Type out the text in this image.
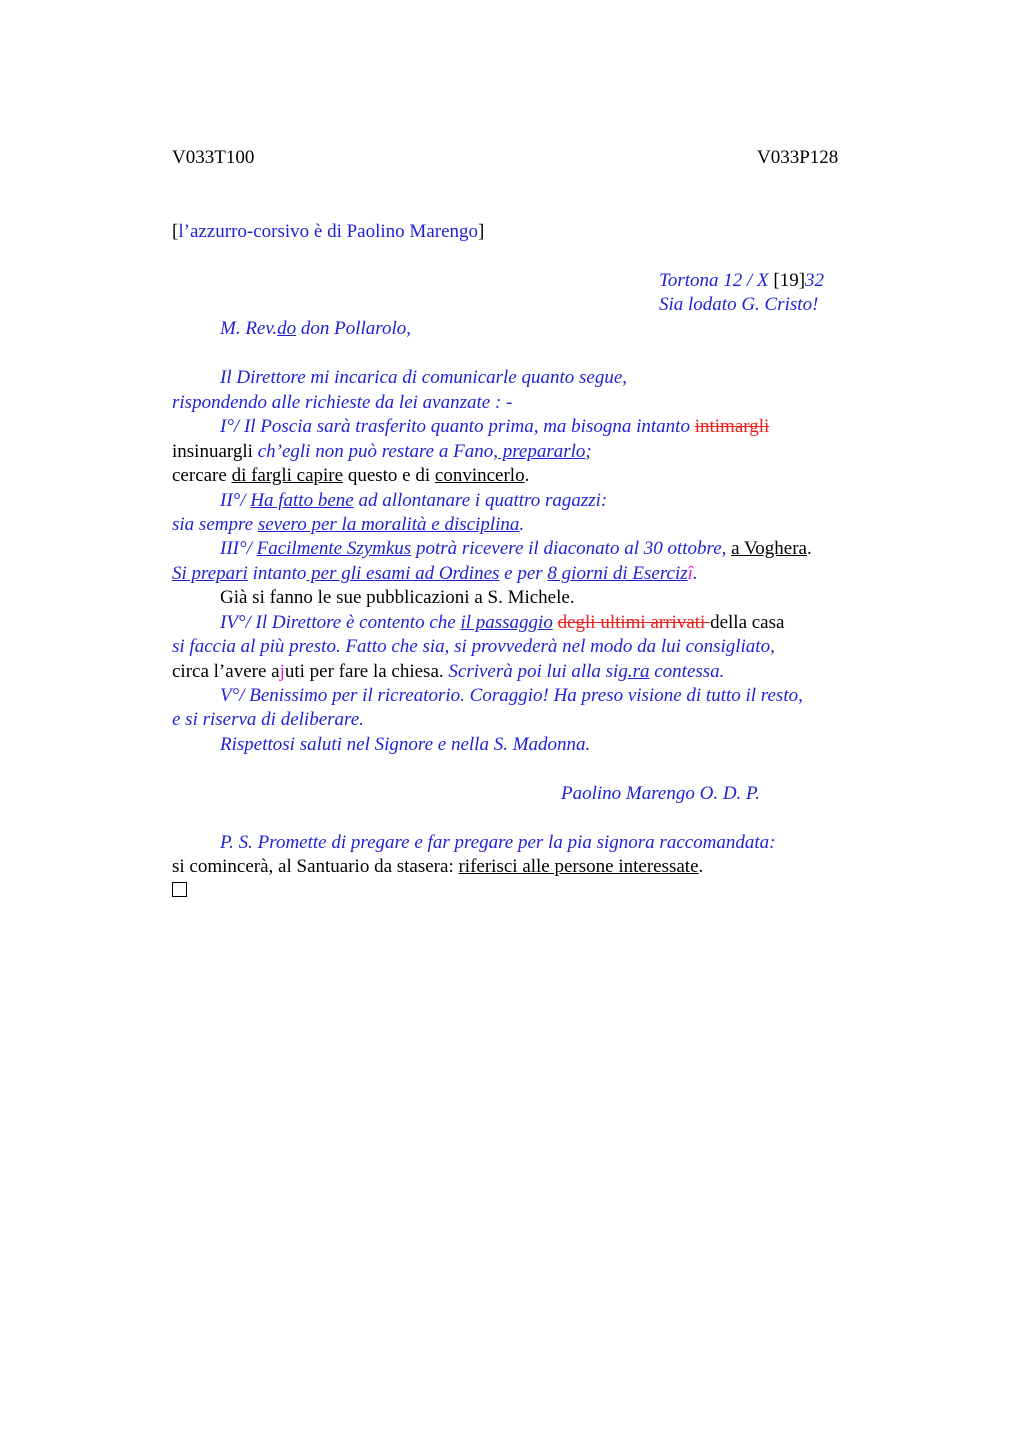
V033T100	V033P128
[l’azzurro-corsivo è di Paolino Marengo]
Tortona 12 / X [19]32
Sia lodato G. Cristo!
M. Rev.do don Pollarolo,
Il Direttore mi incarica di comunicarle quanto segue,
rispondendo alle richieste da lei avanzate : -
I°/ Il Poscia sarà trasferito quanto prima, ma bisogna intanto intimargli
insinuargli ch’egli non può restare a Fano, prepararlo;
cercare di fargli capire questo e di convincerlo.
II°/ Ha fatto bene ad allontanare i quattro ragazzi:
sia sempre severo per la moralità e disciplina.
III°/ Facilmente Szymkus potrà ricevere il diaconato al 30 ottobre, a Voghera.
Si prepari intanto per gli esami ad Ordines e per 8 giorni di Esercizî.
Già si fanno le sue pubblicazioni a S. Michele.
IV°/ Il Direttore è contento che il passaggio degli ultimi arrivati della casa
si faccia al più presto. Fatto che sia, si provvederà nel modo da lui consigliato,
circa l’avere ajuti per fare la chiesa. Scriverà poi lui alla sig.ra contessa.
V°/ Benissimo per il ricreatorio. Coraggio! Ha preso visione di tutto il resto,
e si riserva di deliberare.
Rispettosi saluti nel Signore e nella S. Madonna.
Paolino Marengo O. D. P.
P. S. Promette di pregare e far pregare per la pia signora raccomandata:
si comincerà, al Santuario da stasera: riferisci alle persone interessate.
